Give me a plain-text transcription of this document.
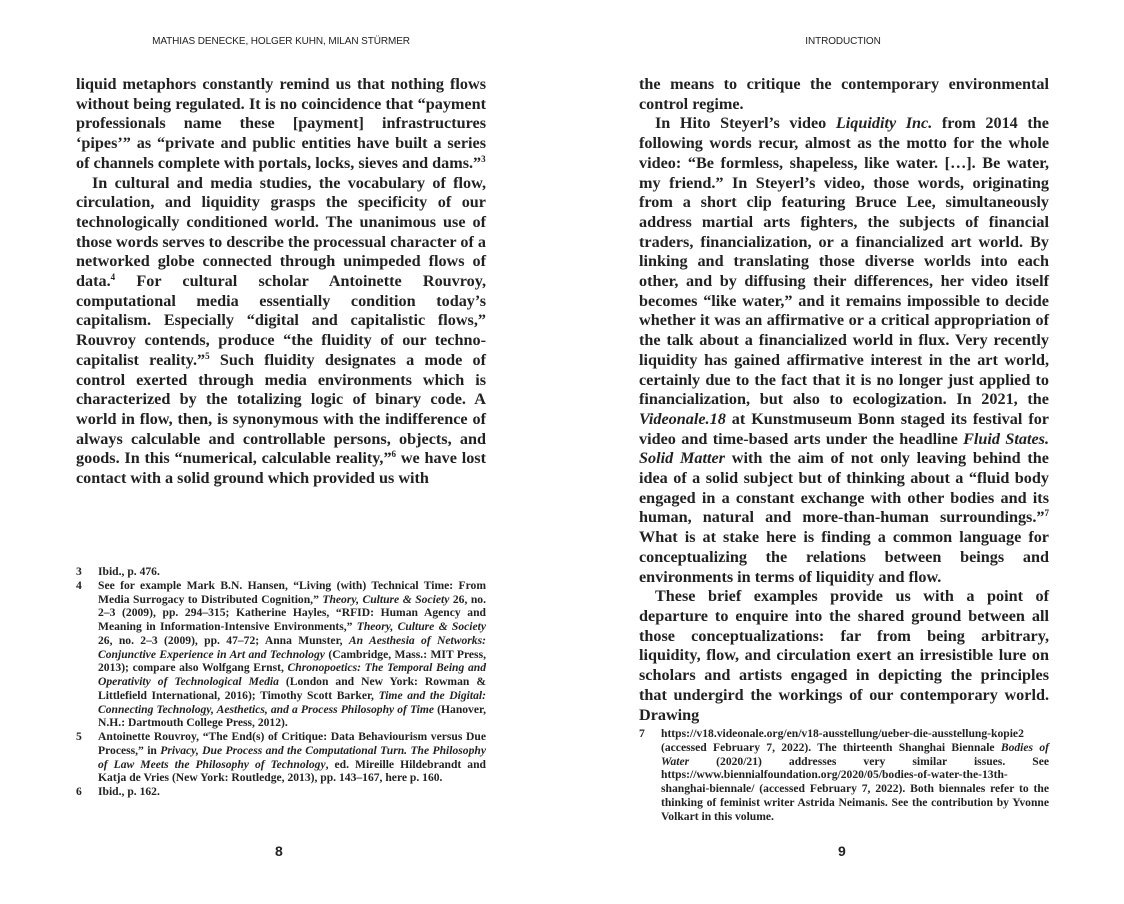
MATHIAS DENECKE, HOLGER KUHN, MILAN STÜRMER

liquid metaphors constantly remind us that nothing flows without being regulated. It is no coincidence that “payment professionals name these [payment] infrastructures ‘pipes’” as “private and public entities have built a series of channels complete with portals, locks, sieves and dams.”$^3$

In cultural and media studies, the vocabulary of flow, circulation, and liquidity grasps the specificity of our technologically conditioned world. The unanimous use of those words serves to describe the processual character of a networked globe connected through unimpeded flows of data.$^4$ For cultural scholar Antoinette Rouvroy, computational media essentially condition today’s capitalism. Especially “digital and capitalistic flows,” Rouvroy contends, produce “the fluidity of our techno-capitalist reality.”$^5$ Such fluidity designates a mode of control exerted through media environments which is characterized by the totalizing logic of binary code. A world in flow, then, is synonymous with the indifference of always calculable and controllable persons, objects, and goods. In this “numerical, calculable reality,”$^6$ we have lost contact with a solid ground which provided us with

3	Ibid., p. 476.
4	See for example Mark B.N. Hansen, “Living (with) Technical Time: From Media Surrogacy to Distributed Cognition,” Theory, Culture & Society 26, no. 2–3 (2009), pp. 294–315; Katherine Hayles, “RFID: Human Agency and Meaning in Information-Intensive Environments,” Theory, Culture & Society 26, no. 2–3 (2009), pp. 47–72; Anna Munster, An Aesthesia of Networks: Conjunctive Experience in Art and Technology (Cambridge, Mass.: MIT Press, 2013); compare also Wolfgang Ernst, Chronopoetics: The Temporal Being and Operativity of Technological Media (London and New York: Rowman & Littlefield International, 2016); Timothy Scott Barker, Time and the Digital: Connecting Technology, Aesthetics, and a Process Philosophy of Time (Hanover, N.H.: Dartmouth College Press, 2012).
5	Antoinette Rouvroy, “The End(s) of Critique: Data Behaviourism versus Due Process,” in Privacy, Due Process and the Computational Turn. The Philosophy of Law Meets the Philosophy of Technology, ed. Mireille Hildebrandt and Katja de Vries (New York: Routledge, 2013), pp. 143–167, here p. 160.
6	Ibid., p. 162.
8
INTRODUCTION

the means to critique the contemporary environmental control regime.

In Hito Steyerl’s video Liquidity Inc. from 2014 the following words recur, almost as the motto for the whole video: “Be formless, shapeless, like water. […]. Be water, my friend.” In Steyerl’s video, those words, originating from a short clip featuring Bruce Lee, simultaneously address martial arts fighters, the subjects of financial traders, financialization, or a financialized art world. By linking and translating those diverse worlds into each other, and by diffusing their differences, her video itself becomes “like water,” and it remains impossible to decide whether it was an affirmative or a critical appropriation of the talk about a financialized world in flux. Very recently liquidity has gained affirmative interest in the art world, certainly due to the fact that it is no longer just applied to financialization, but also to ecologization. In 2021, the Videonale.18 at Kunstmuseum Bonn staged its festival for video and time-based arts under the headline Fluid States. Solid Matter with the aim of not only leaving behind the idea of a solid subject but of thinking about a “fluid body engaged in a constant exchange with other bodies and its human, natural and more-than-human surroundings.”$^7$ What is at stake here is finding a common language for conceptualizing the relations between beings and environments in terms of liquidity and flow.

These brief examples provide us with a point of departure to enquire into the shared ground between all those conceptualizations: far from being arbitrary, liquidity, flow, and circulation exert an irresistible lure on scholars and artists engaged in depicting the principles that undergird the workings of our contemporary world. Drawing

7	https://v18.videonale.org/en/v18-ausstellung/ueber-die-ausstellung-kopie2 (accessed February 7, 2022). The thirteenth Shanghai Biennale Bodies of Water (2020/21) addresses very similar issues. See https://www.biennialfoundation.org/2020/05/bodies-of-water-the-13th-shanghai-biennale/ (accessed February 7, 2022). Both biennales refer to the thinking of feminist writer Astrida Neimanis. See the contribution by Yvonne Volkart in this volume.
9
